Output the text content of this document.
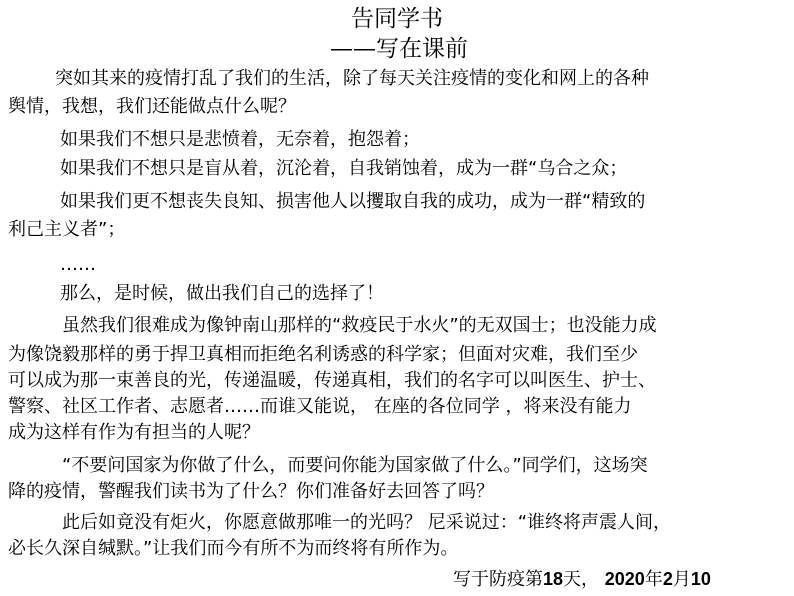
告同学书
——写在课前
突如其来的疫情打乱了我们的生活，除了每天关注疫情的变化和网上的各种
舆情，我想，我们还能做点什么呢？
如果我们不想只是悲愤着，无奈着，抱怨着；
如果我们不想只是盲从着，沉沦着，自我销蚀着，成为一群“乌合之众；
如果我们更不想丧失良知、损害他人以攫取自我的成功，成为一群“精致的
利己主义者”；
……
那么，是时候，做出我们自己的选择了！
虽然我们很难成为像钟南山那样的“救疫民于水火”的无双国士；也没能力成
为像饶毅那样的勇于捍卫真相而拒绝名利诱惑的科学家；但面对灾难，我们至少
可以成为那一束善良的光，传递温暖，传递真相，我们的名字可以叫医生、护士、
警察、社区工作者、志愿者……而谁又能说， 在座的各位同学 ，将来没有能力
成为这样有作为有担当的人呢？
“不要问国家为你做了什么，而要问你能为国家做了什么。”同学们，这场突
降的疫情，警醒我们读书为了什么？你们准备好去回答了吗？
此后如竟没有炬火，你愿意做那唯一的光吗？ 尼采说过：“谁终将声震人间，
必长久深自缄默。”让我们而今有所不为而终将有所作为。
写于防疫第18天， 2020年2月10
